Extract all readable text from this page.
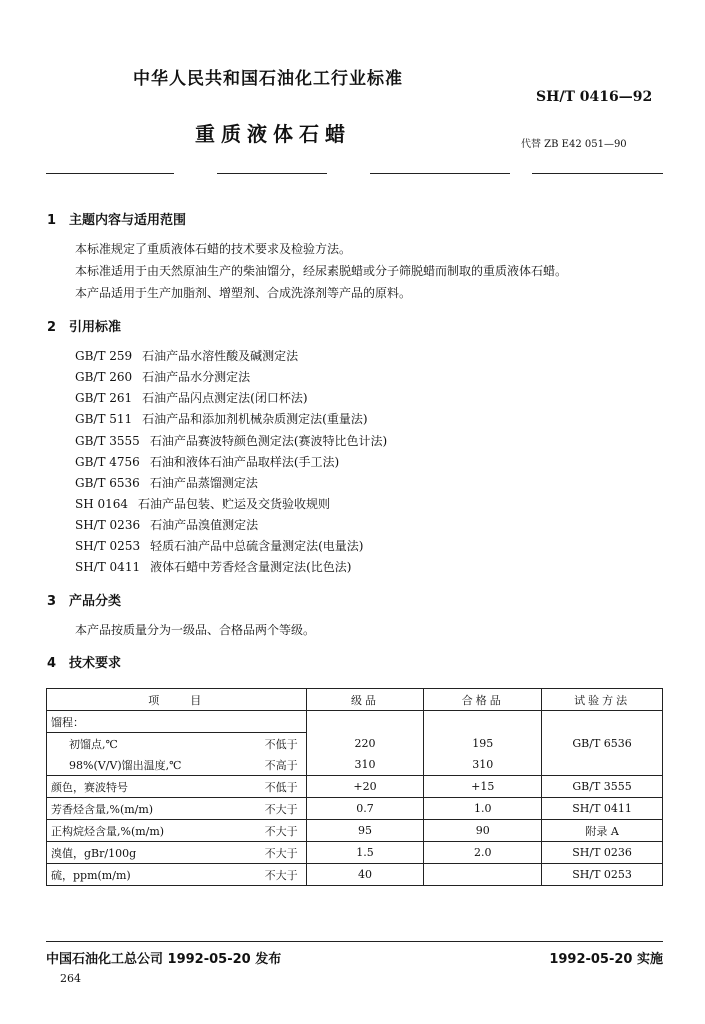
中华人民共和国石油化工行业标准
SH/T 0416—92
重质液体石蜡	代替 ZB E42 051—90
1 主题内容与适用范围
本标准规定了重质液体石蜡的技术要求及检验方法。
本标准适用于由天然原油生产的柴油馏分，经尿素脱蜡或分子筛脱蜡而制取的重质液体石蜡。
本产品适用于生产加脂剂、增塑剂、合成洗涤剂等产品的原料。
2 引用标准
GB/T 259 石油产品水溶性酸及碱测定法
GB/T 260 石油产品水分测定法
GB/T 261 石油产品闪点测定法(闭口杯法)
GB/T 511 石油产品和添加剂机械杂质测定法(重量法)
GB/T 3555 石油产品赛波特颜色测定法(赛波特比色计法)
GB/T 4756 石油和液体石油产品取样法(手工法)
GB/T 6536 石油产品蒸馏测定法
SH 0164 石油产品包装、贮运及交货验收规则
SH/T 0236 石油产品溴值测定法
SH/T 0253 轻质石油产品中总硫含量测定法(电量法)
SH/T 0411 液体石蜡中芳香烃含量测定法(比色法)
3 产品分类
本产品按质量分为一级品、合格品两个等级。
4 技术要求
项　　目		级品	合格品	试验方法
馏程：				
初馏点,℃	不低于	220	195	GB/T 6536
98%(V/V)馏出温度,℃	不高于	310	310	
颜色，赛波特号	不低于	+20	+15	GB/T 3555
芳香烃含量,%(m/m)	不大于	0.7	1.0	SH/T 0411
正构烷烃含量,%(m/m)	不大于	95	90	附录 A
溴值，gBr/100g	不大于	1.5	2.0	SH/T 0236
硫，ppm(m/m)	不大于	40		SH/T 0253
中国石油化工总公司 1992-05-20 发布	1992-05-20 实施
264
